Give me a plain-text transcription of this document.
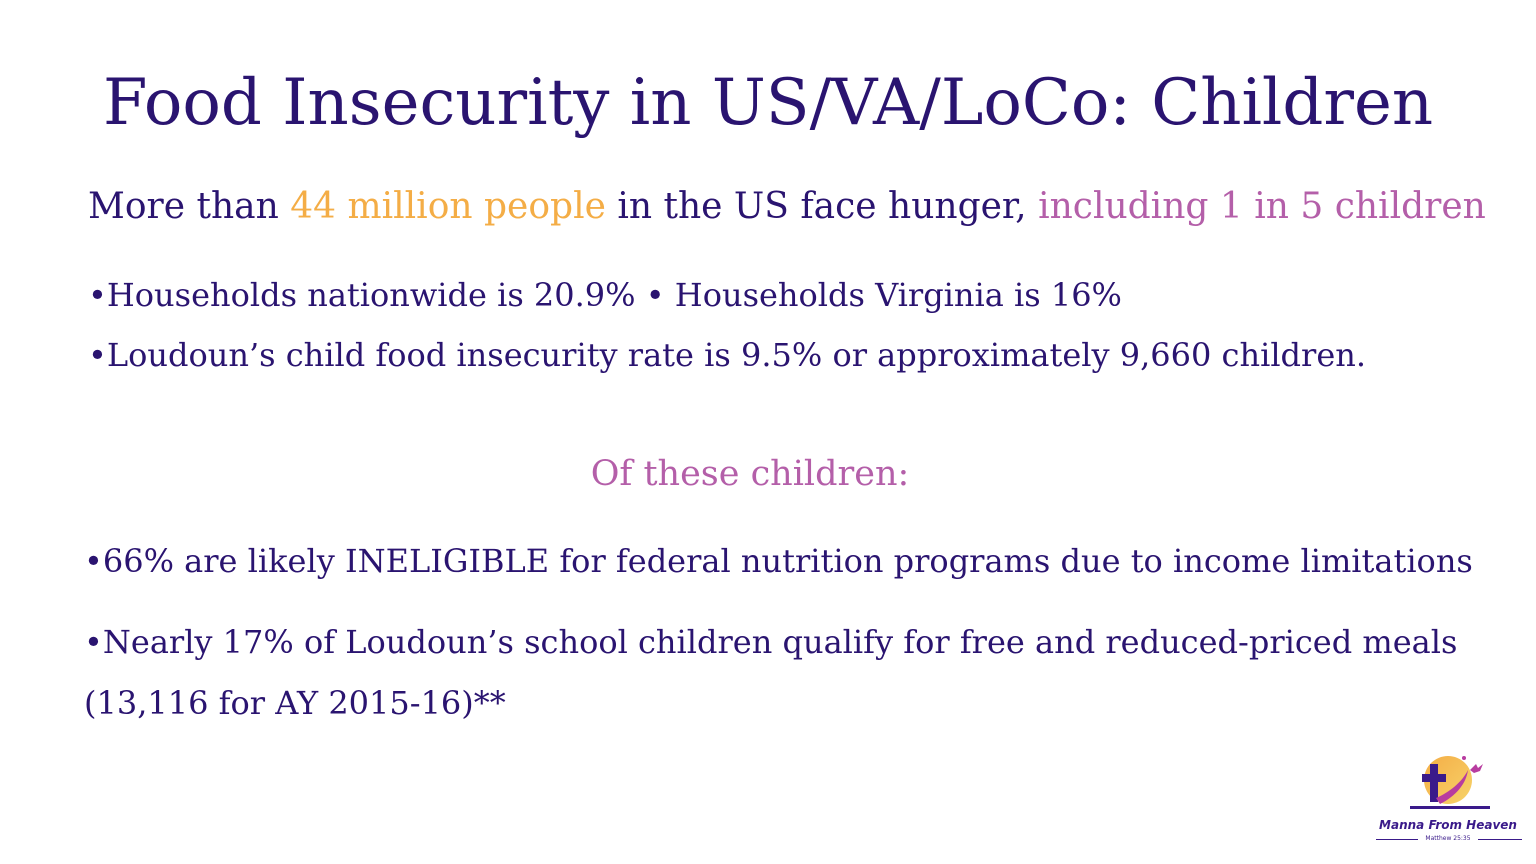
Food Insecurity in US/VA/LoCo: Children
More than 44 million people in the US face hunger, including 1 in 5 children
•Households nationwide is 20.9% • Households Virginia is 16%
•Loudoun’s child food insecurity rate is 9.5% or approximately 9,660 children.
Of these children:
•66% are likely INELIGIBLE for federal nutrition programs due to income limitations
•Nearly 17% of Loudoun’s school children qualify for free and reduced-priced meals
(13,116 for AY 2015-16)**
Manna From Heaven
Matthew 25:35
